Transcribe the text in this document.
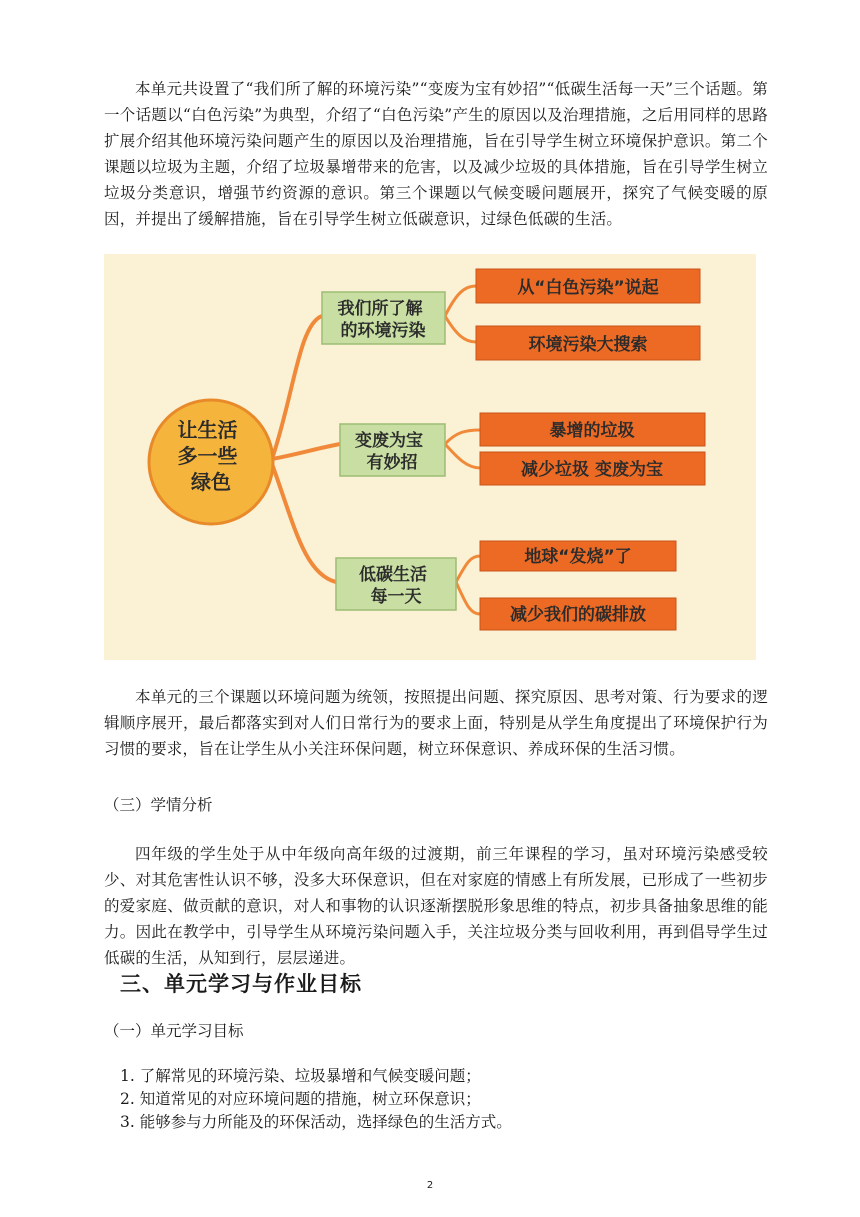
本单元共设置了“我们所了解的环境污染”“变废为宝有妙招”“低碳生活每一天”三个话题。第一个话题以“白色污染”为典型，介绍了“白色污染”产生的原因以及治理措施，之后用同样的思路扩展介绍其他环境污染问题产生的原因以及治理措施，旨在引导学生树立环境保护意识。第二个课题以垃圾为主题，介绍了垃圾暴增带来的危害，以及减少垃圾的具体措施，旨在引导学生树立垃圾分类意识，增强节约资源的意识。第三个课题以气候变暖问题展开，探究了气候变暖的原因，并提出了缓解措施，旨在引导学生树立低碳意识，过绿色低碳的生活。

让生活 多一些 绿色
我们所了解 的环境污染
变废为宝 有妙招
低碳生活 每一天
从“白色污染”说起
环境污染大搜索
暴增的垃圾
减少垃圾 变废为宝
地球“发烧”了
减少我们的碳排放

本单元的三个课题以环境问题为统领，按照提出问题、探究原因、思考对策、行为要求的逻辑顺序展开，最后都落实到对人们日常行为的要求上面，特别是从学生角度提出了环境保护行为习惯的要求，旨在让学生从小关注环保问题，树立环保意识、养成环保的生活习惯。

（三）学情分析

四年级的学生处于从中年级向高年级的过渡期，前三年课程的学习，虽对环境污染感受较少、对其危害性认识不够，没多大环保意识，但在对家庭的情感上有所发展，已形成了一些初步的爱家庭、做贡献的意识，对人和事物的认识逐渐摆脱形象思维的特点，初步具备抽象思维的能力。因此在教学中，引导学生从环境污染问题入手，关注垃圾分类与回收利用，再到倡导学生过低碳的生活，从知到行，层层递进。

三、单元学习与作业目标

（一）单元学习目标

1. 了解常见的环境污染、垃圾暴增和气候变暖问题；
2. 知道常见的对应环境问题的措施，树立环保意识；
3. 能够参与力所能及的环保活动，选择绿色的生活方式。
2
